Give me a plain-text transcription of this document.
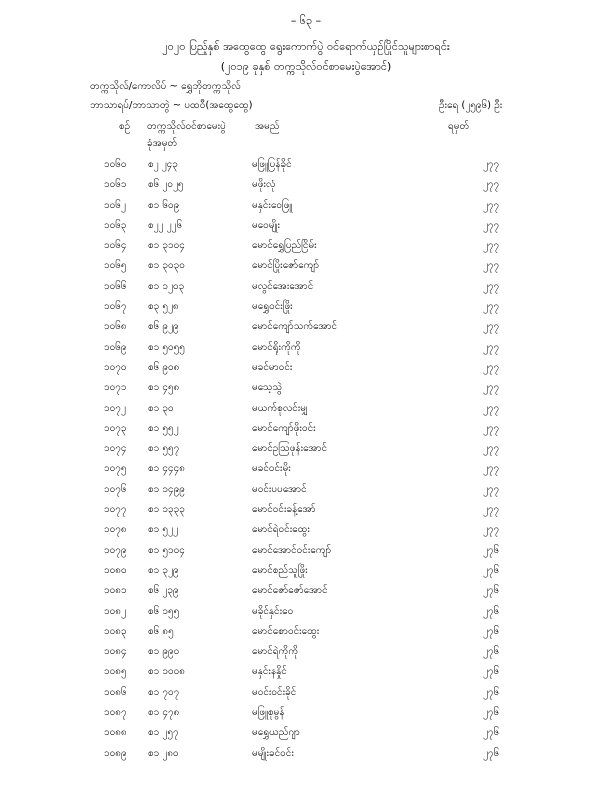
– ၆၃ –
၂၀၂၀ ပြည့်နှစ် အထွေထွေ ရွေးကောက်ပွဲ ဝင်ရောက်ယှဉ်ပြိုင်သူများစာရင်း
(၂၀၁၉ ခုနှစ် တက္ကသိုလ်ဝင်စာမေးပွဲအောင်)
တက္ကသိုလ်/ကောလိပ် ~ ရွှေဘိုတက္ကသိုလ်
ဘာသာရပ်/ဘာသာတွဲ ~ ပထဝီ(အထွေထွေ)	ဦးရေ (၂၅၉၆) ဦး
စဉ် တက္ကသိုလ်ဝင်စာမေးပွဲ
ခုံအမှတ်
အမည်	ရမှတ်
၁၀၆၀ စ၂ ၂၄၃	မဖြူပြန်ခိုင်	၂၇၇
၁၀၆၁ စ၆ ၂၀၂၅	မဖိုးလုံ	၂၇၇
၁၀၆၂ စ၁ ၆၀၉	မနှင်းဝေဖြူ	၂၇၇
၁၀၆၃ စ၂၂ ၂၂၆	မဝေမျိုး	၂၇၇
၁၀၆၄ စ၁ ၃၁၀၄	မောင်ရွှေပြည်ငြိမ်း	၂၇၇
၁၀၆၅ စ၁ ၃၀၃၀	မောင်ပြိုးဇော်ကျော်	၂၇၇
၁၀၆၆ စ၁ ၁၂၀၃	မလွင်အေးအောင်	၂၇၇
၁၀၆၇ စ၃ ၅၂၈	မရွှေဝင်းဖြိုး	၂၇၇
၁၀၆၈ စ၆ ၉၂၉	မောင်ကျော်သက်အောင်	၂၇၇
၁၀၆၉ စ၁ ၅၀၅၅	မောင်ရိုးကိုကို	၂၇၇
၁၀၇၀ စ၆ ၉၀၈	မခင်မာဝင်း	၂၇၇
၁၀၇၁ စ၁ ၄၅၈	မသေ့သွဲ	၂၇၇
၁၀၇၂ စ၁ ၃၀	မယက်စုလင်းမျှ	၂၇၇
၁၀၇၃ စ၁ ၅၅၂	မောင်ကျော်ဖိုးဝင်း	၂၇၇
၁၀၇၄ စ၁ ၅၅၇	မောင်ဥဩဖုန်းအောင်	၂၇၇
၁၀၇၅ စ၁ ၄၄၄၈	မခင်ဝင်းမိုး	၂၇၇
၁၀၇၆ စ၁ ၁၄၉၉	မဝင်းပပအောင်	၂၇၇
၁၀၇၇ စ၁ ၁၃၃၃	မောင်ဝင်းခန့်အော်	၂၇၇
၁၀၇၈ စ၁ ၅၂၂	မောင်ရဲဝင်းထွေး	၂၇၇
၁၀၇၉ စ၁ ၅၁၀၄	မောင်အောင်ဝင်းကျော်	၂၇၆
၁၀၈၀ စ၁ ၃၂၉	မောင်စည်သူဖြိုး	၂၇၆
၁၀၈၁ စ၆ ၂၃၉	မောင်ဇော်ဇော်အောင်	၂၇၆
၁၀၈၂ စ၆ ၁၅၅	မခိုင်နှင်းဝေ	၂၇၆
၁၀၈၃ စ၆ ၈၅	မောင်စောဝင်းထွေး	၂၇၆
၁၀၈၄ စ၁ ၉၉၀	မောင်ရဲကိုကို	၂၇၆
၁၀၈၅ စ၁ ၁၀၀၈	မနှင်းနနှိုင်	၂၇၆
၁၀၈၆ စ၁ ၇၀၇	မဝင်းဝင်းခိုင်	၂၇၆
၁၀၈၇ စ၁ ၄၇၈	မဖြူစုမွန်	၂၇၆
၁၀၈၈ စ၁ ၂၅၇	မရွှေယည်ဂျာ	၂၇၆
၁၀၈၉ စ၁ ၂၈၀	မမျိုးခင်ဝင်း	၂၇၆
